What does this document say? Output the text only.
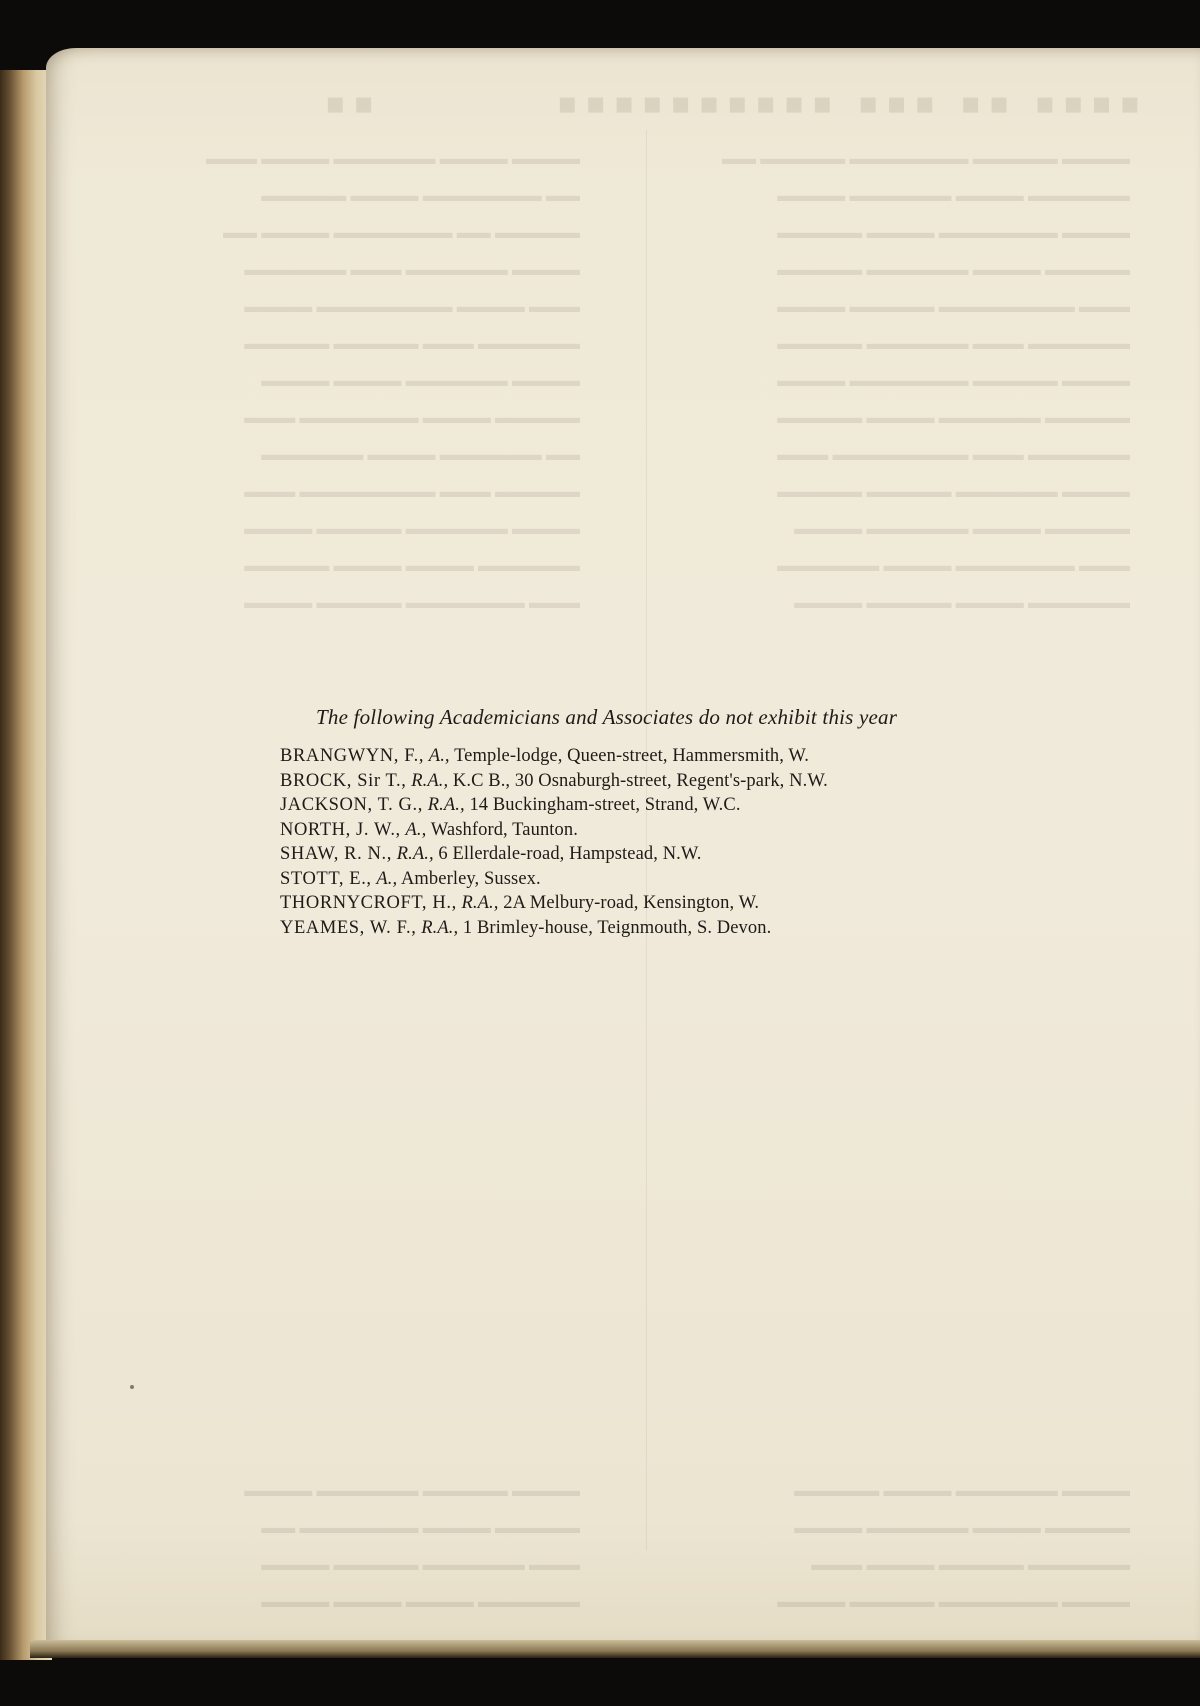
▪▪▪▪ ▪▪ ▪▪▪ ▪▪▪▪▪▪▪▪▪▪          ▪▪
▬▬▬▬ ▬▬▬▬ ▬▬▬▬▬▬ ▬▬▬▬ ▬▬▬
▬▬ ▬▬▬▬▬▬▬ ▬▬▬▬ ▬▬▬▬▬
▬▬▬▬▬ ▬▬ ▬▬▬▬▬▬▬ ▬▬▬▬ ▬▬
▬▬▬▬ ▬▬▬▬▬▬ ▬▬▬ ▬▬▬▬▬▬
▬▬▬ ▬▬▬▬ ▬▬▬▬▬▬▬▬ ▬▬▬▬
▬▬▬▬▬▬ ▬▬▬ ▬▬▬▬▬ ▬▬▬▬▬
▬▬▬▬ ▬▬▬▬▬▬ ▬▬▬▬ ▬▬▬▬
▬▬▬▬▬ ▬▬▬▬ ▬▬▬▬▬▬▬ ▬▬▬
▬▬ ▬▬▬▬▬▬ ▬▬▬▬ ▬▬▬▬▬▬
▬▬▬▬▬ ▬▬▬ ▬▬▬▬▬▬▬▬ ▬▬▬
▬▬▬▬ ▬▬▬▬▬▬ ▬▬▬▬▬ ▬▬▬▬
▬▬▬▬▬▬ ▬▬▬▬ ▬▬▬▬ ▬▬▬▬▬
▬▬▬ ▬▬▬▬▬▬▬ ▬▬▬▬▬ ▬▬▬▬

▬▬▬▬ ▬▬▬▬▬ ▬▬▬▬▬▬ ▬▬▬▬
▬▬▬▬▬ ▬▬▬▬ ▬▬▬▬▬▬▬ ▬▬
▬▬▬ ▬▬▬▬▬▬ ▬▬▬▬▬ ▬▬▬▬
▬▬▬▬▬▬ ▬▬▬▬ ▬▬▬▬ ▬▬▬▬
▬▬▬▬ ▬▬▬▬▬ ▬▬▬▬▬▬▬ ▬▬▬▬▬ ▬▬
▬▬▬▬▬▬ ▬▬▬▬ ▬▬▬▬▬▬ ▬▬▬▬
▬▬▬▬ ▬▬▬▬▬▬▬ ▬▬▬▬ ▬▬▬▬▬
▬▬▬▬▬ ▬▬▬▬ ▬▬▬▬▬▬ ▬▬▬▬▬
▬▬▬ ▬▬▬▬▬▬▬▬ ▬▬▬▬▬ ▬▬▬▬
▬▬▬▬▬▬ ▬▬▬ ▬▬▬▬▬▬ ▬▬▬▬▬
▬▬▬▬ ▬▬▬▬▬ ▬▬▬▬▬▬▬ ▬▬▬▬
▬▬▬▬▬ ▬▬▬▬▬▬ ▬▬▬▬ ▬▬▬▬▬
▬▬▬▬▬▬ ▬▬▬ ▬▬▬▬▬▬▬▬ ▬▬▬
▬▬▬▬ ▬▬▬▬▬▬ ▬▬▬▬▬ ▬▬▬▬▬
▬▬▬▬▬ ▬▬▬▬ ▬▬▬▬▬▬ ▬▬▬▬
▬▬▬ ▬▬▬▬▬▬▬ ▬▬▬▬ ▬▬▬▬▬▬
▬▬▬▬▬▬ ▬▬▬▬ ▬▬▬▬▬ ▬▬▬▬

▬▬▬▬ ▬▬▬▬▬▬ ▬▬▬▬ ▬▬▬▬▬
▬▬▬▬▬ ▬▬▬▬ ▬▬▬▬▬▬ ▬▬▬▬
▬▬▬▬▬▬ ▬▬▬▬▬ ▬▬▬▬ ▬▬▬
▬▬▬▬ ▬▬▬▬▬▬▬ ▬▬▬▬▬ ▬▬▬▬
The following Academicians and Associates do not exhibit this year
BRANGWYN, F., A., Temple-lodge, Queen-street, Hammersmith, W.
BROCK, Sir T., R.A., K.C B., 30 Osnaburgh-street, Regent's-park, N.W.
JACKSON, T. G., R.A., 14 Buckingham-street, Strand, W.C.
NORTH, J. W., A., Washford, Taunton.
SHAW, R. N., R.A., 6 Ellerdale-road, Hampstead, N.W.
STOTT, E., A., Amberley, Sussex.
THORNYCROFT, H., R.A., 2A Melbury-road, Kensington, W.
YEAMES, W. F., R.A., 1 Brimley-house, Teignmouth, S. Devon.
